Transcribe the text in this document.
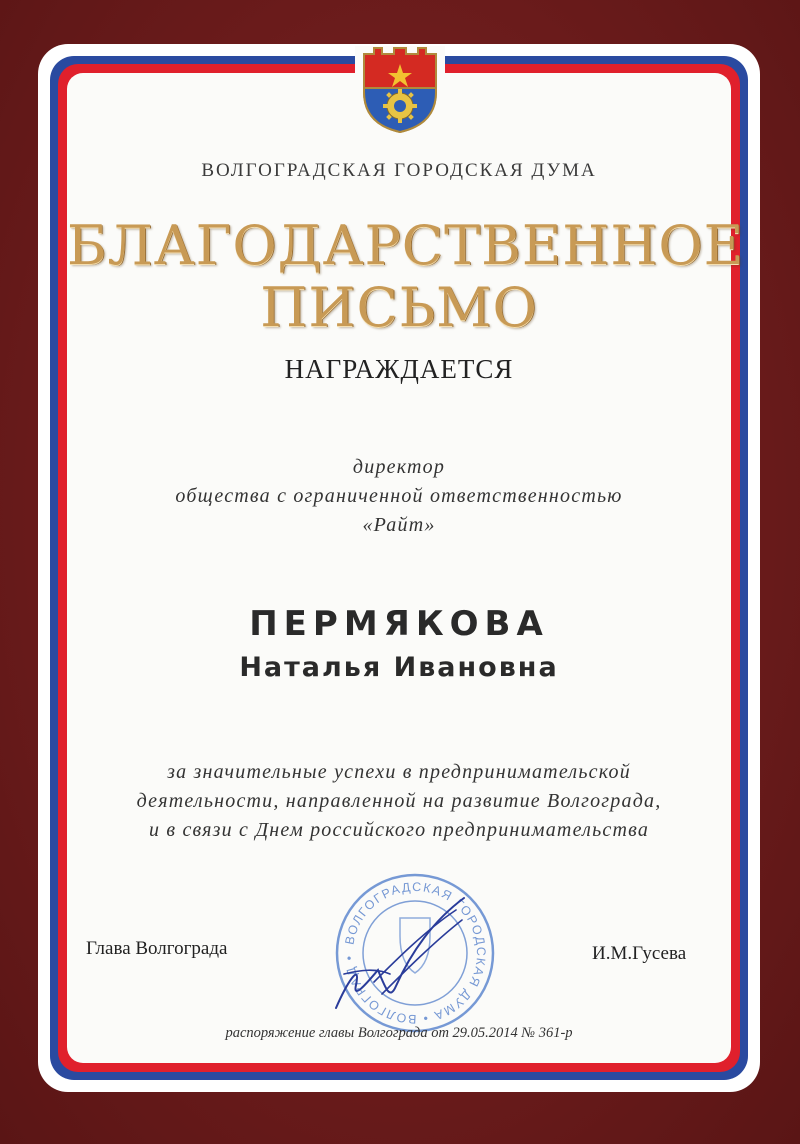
ВОЛГОГРАДСКАЯ ГОРОДСКАЯ ДУМА
БЛАГОДАРСТВЕННОЕ
ПИСЬМО
НАГРАЖДАЕТСЯ
директор
общества с ограниченной ответственностью
«Райт»
ПЕРМЯКОВА
Наталья Ивановна
за значительные успехи в предпринимательской
деятельности, направленной на развитие Волгограда,
и в связи с Днем российского предпринимательства
Глава Волгограда	И.М.Гусева
ВОЛГОГРАДСКАЯ ГОРОДСКАЯ ДУМА • ВОЛГОГРАД •
распоряжение главы Волгограда от 29.05.2014 № 361-р
